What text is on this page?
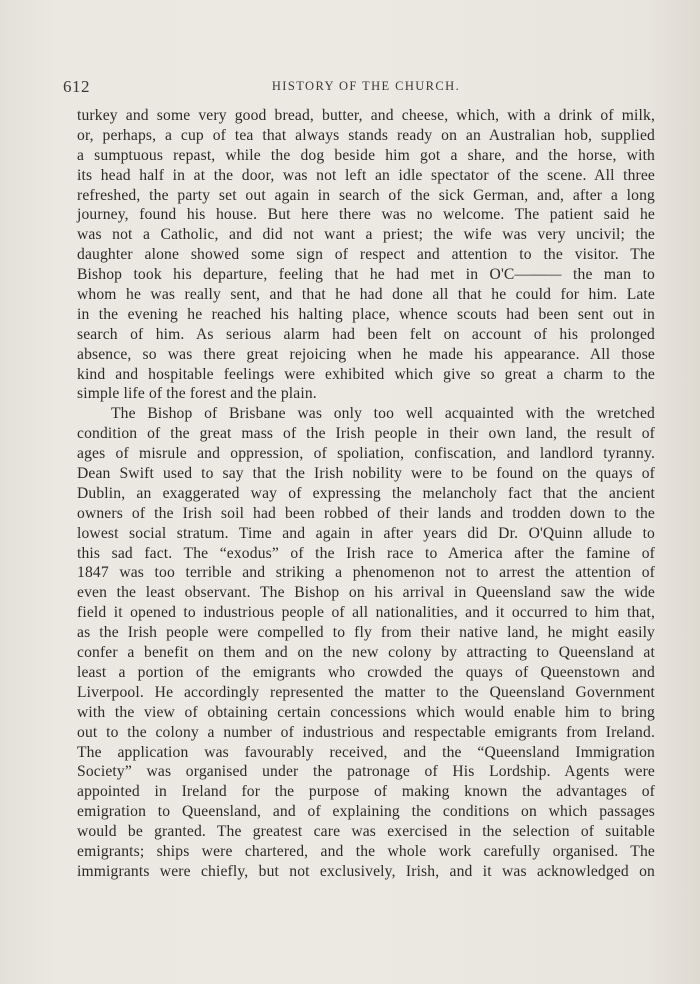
612	HISTORY OF THE CHURCH.
turkey and some very good bread, butter, and cheese, which, with a drink of milk,
or, perhaps, a cup of tea that always stands ready on an Australian hob, supplied
a sumptuous repast, while the dog beside him got a share, and the horse, with
its head half in at the door, was not left an idle spectator of the scene. All three
refreshed, the party set out again in search of the sick German, and, after a long
journey, found his house. But here there was no welcome. The patient said he
was not a Catholic, and did not want a priest; the wife was very uncivil; the
daughter alone showed some sign of respect and attention to the visitor. The
Bishop took his departure, feeling that he had met in O'C——— the man to
whom he was really sent, and that he had done all that he could for him. Late
in the evening he reached his halting place, whence scouts had been sent out in
search of him. As serious alarm had been felt on account of his prolonged
absence, so was there great rejoicing when he made his appearance. All those
kind and hospitable feelings were exhibited which give so great a charm to the
simple life of the forest and the plain.
The Bishop of Brisbane was only too well acquainted with the wretched
condition of the great mass of the Irish people in their own land, the result of
ages of misrule and oppression, of spoliation, confiscation, and landlord tyranny.
Dean Swift used to say that the Irish nobility were to be found on the quays of
Dublin, an exaggerated way of expressing the melancholy fact that the ancient
owners of the Irish soil had been robbed of their lands and trodden down to the
lowest social stratum. Time and again in after years did Dr. O'Quinn allude to
this sad fact. The “exodus” of the Irish race to America after the famine of
1847 was too terrible and striking a phenomenon not to arrest the attention of
even the least observant. The Bishop on his arrival in Queensland saw the wide
field it opened to industrious people of all nationalities, and it occurred to him that,
as the Irish people were compelled to fly from their native land, he might easily
confer a benefit on them and on the new colony by attracting to Queensland at
least a portion of the emigrants who crowded the quays of Queenstown and
Liverpool. He accordingly represented the matter to the Queensland Government
with the view of obtaining certain concessions which would enable him to bring
out to the colony a number of industrious and respectable emigrants from Ireland.
The application was favourably received, and the “Queensland Immigration
Society” was organised under the patronage of His Lordship. Agents were
appointed in Ireland for the purpose of making known the advantages of
emigration to Queensland, and of explaining the conditions on which passages
would be granted. The greatest care was exercised in the selection of suitable
emigrants; ships were chartered, and the whole work carefully organised. The
immigrants were chiefly, but not exclusively, Irish, and it was acknowledged on
